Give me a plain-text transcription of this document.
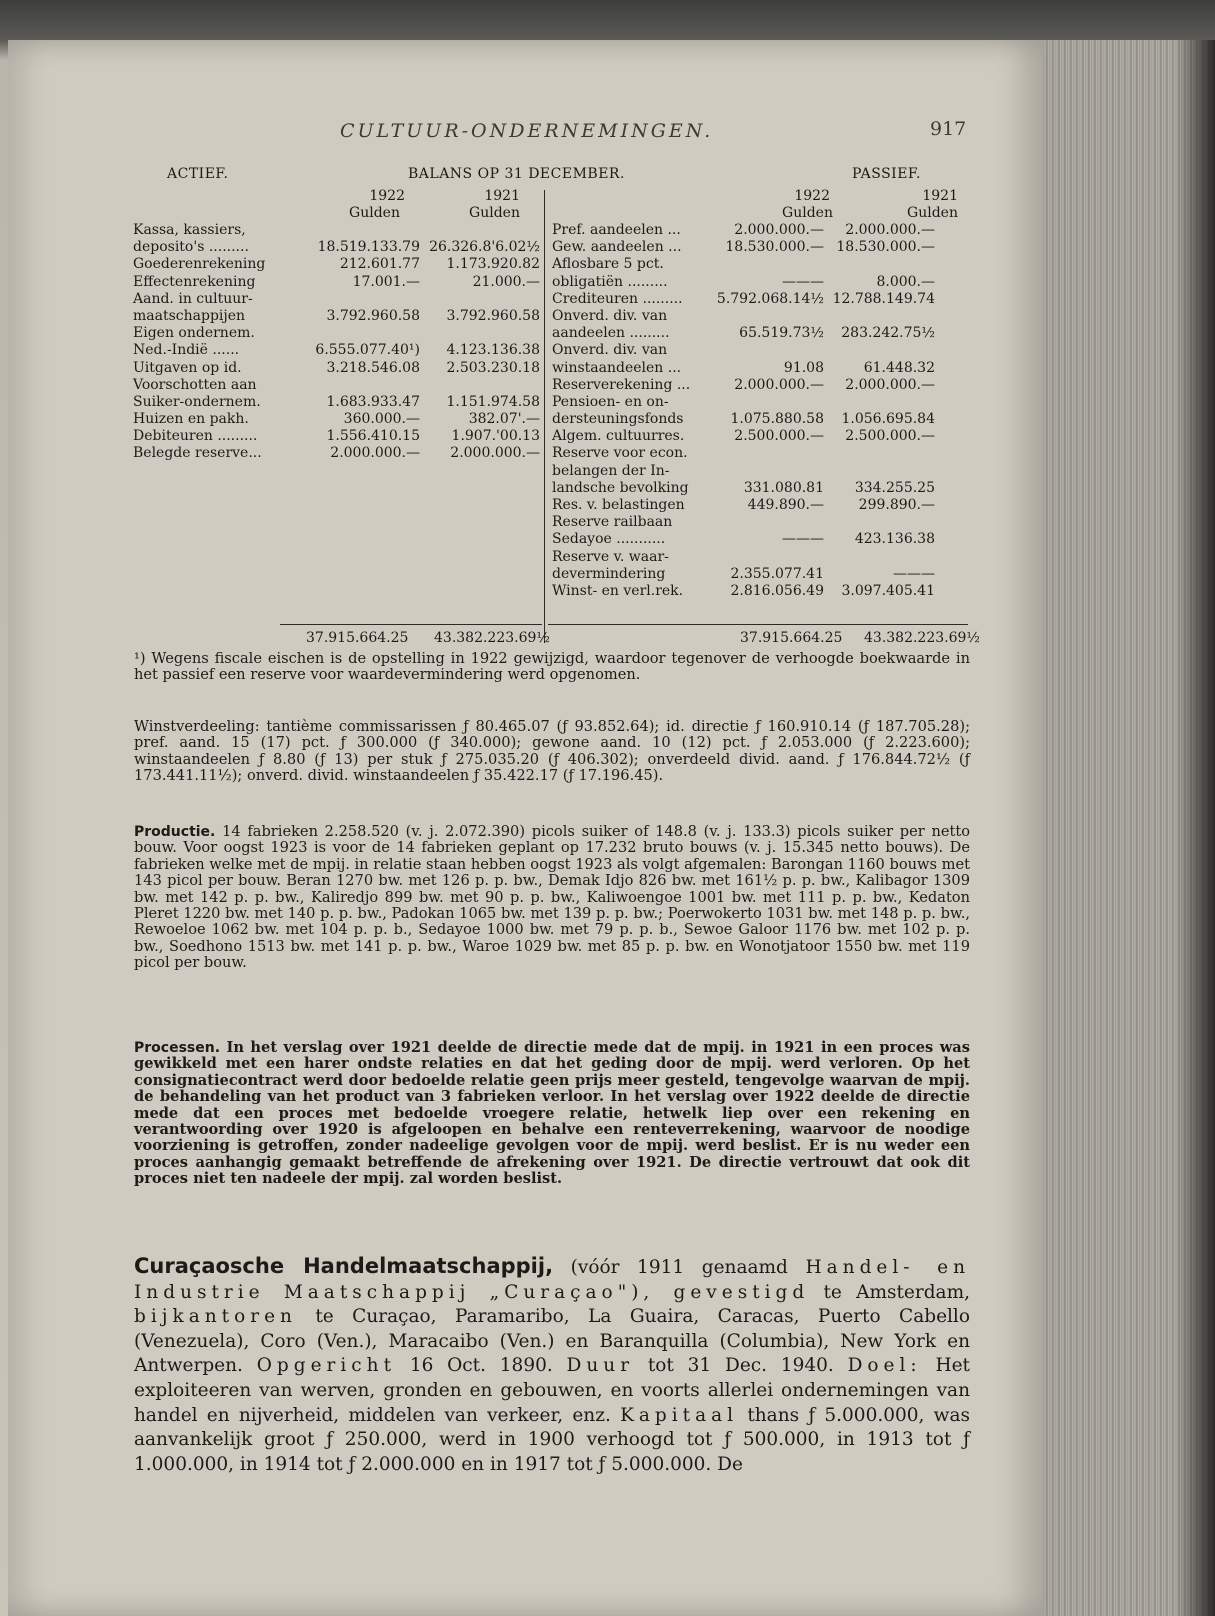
CULTUUR-ONDERNEMINGEN.	917
ACTIEF.	BALANS OP 31 DECEMBER.	PASSIEF.
1922	1921
Gulden	Gulden
1922	1921
Gulden	Gulden
Kassa, kassiers,
deposito's .........	18.519.133.79 26.326.8'6.02½
Goederenrekening	212.601.77	1.173.920.82
Effectenrekening	17.001.—	21.000.—
Aand. in cultuur-
maatschappijen	3.792.960.58	3.792.960.58
Eigen ondernem.
Ned.-Indië ......	6.555.077.40¹)	4.123.136.38
Uitgaven op id.	3.218.546.08	2.503.230.18
Voorschotten aan
Suiker-ondernem.	1.683.933.47	1.151.974.58
Huizen en pakh.	360.000.—	382.07'.—
Debiteuren .........	1.556.410.15	1.907.'00.13
Belegde reserve...	2.000.000.—	2.000.000.—
Pref. aandeelen ...	2.000.000.—	2.000.000.—
Gew. aandeelen ...	18.530.000.— 18.530.000.—
Aflosbare 5 pct.
obligatiën .........	———	8.000.—
Crediteuren .........	5.792.068.14½ 12.788.149.74
Onverd. div. van
aandeelen .........	65.519.73½	283.242.75½
Onverd. div. van
winstaandeelen ...	91.08	61.448.32
Reserverekening ...	2.000.000.—	2.000.000.—
Pensioen- en on-
dersteuningsfonds	1.075.880.58	1.056.695.84
Algem. cultuurres.	2.500.000.—	2.500.000.—
Reserve voor econ.
belangen der In-
landsche bevolking	331.080.81	334.255.25
Res. v. belastingen	449.890.—	299.890.—
Reserve railbaan
Sedayoe ...........	———	423.136.38
Reserve v. waar-
devermindering	2.355.077.41	———
Winst- en verl.rek.	2.816.056.49	3.097.405.41
37.915.664.25 43.382.223.69½	37.915.664.25 43.382.223.69½
¹) Wegens fiscale eischen is de opstelling in 1922 gewijzigd, waardoor tegenover de verhoogde boekwaarde in het passief een reserve voor waardevermindering werd opgenomen.
Winstverdeeling: tantième commissarissen ƒ 80.465.07 (ƒ 93.852.64); id. directie ƒ 160.910.14 (ƒ 187.705.28); pref. aand. 15 (17) pct. ƒ 300.000 (ƒ 340.000); gewone aand. 10 (12) pct. ƒ 2.053.000 (ƒ 2.223.600); winstaandeelen ƒ 8.80 (ƒ 13) per stuk ƒ 275.035.20 (ƒ 406.302); onverdeeld divid. aand. ƒ 176.844.72½ (ƒ 173.441.11½); onverd. divid. winstaandeelen ƒ 35.422.17 (ƒ 17.196.45).
Productie. 14 fabrieken 2.258.520 (v. j. 2.072.390) picols suiker of 148.8 (v. j. 133.3) picols suiker per netto bouw. Voor oogst 1923 is voor de 14 fabrieken geplant op 17.232 bruto bouws (v. j. 15.345 netto bouws). De fabrieken welke met de mpij. in relatie staan hebben oogst 1923 als volgt afgemalen: Barongan 1160 bouws met 143 picol per bouw. Beran 1270 bw. met 126 p. p. bw., Demak Idjo 826 bw. met 161½ p. p. bw., Kalibagor 1309 bw. met 142 p. p. bw., Kaliredjo 899 bw. met 90 p. p. bw., Kaliwoengoe 1001 bw. met 111 p. p. bw., Kedaton Pleret 1220 bw. met 140 p. p. bw., Padokan 1065 bw. met 139 p. p. bw.; Poerwokerto 1031 bw. met 148 p. p. bw., Rewoeloe 1062 bw. met 104 p. p. b., Sedayoe 1000 bw. met 79 p. p. b., Sewoe Galoor 1176 bw. met 102 p. p. bw., Soedhono 1513 bw. met 141 p. p. bw., Waroe 1029 bw. met 85 p. p. bw. en Wonotjatoor 1550 bw. met 119 picol per bouw.
Processen. In het verslag over 1921 deelde de directie mede dat de mpij. in 1921 in een proces was gewikkeld met een harer ondste relaties en dat het geding door de mpij. werd verloren. Op het consignatiecontract werd door bedoelde relatie geen prijs meer gesteld, tengevolge waarvan de mpij. de behandeling van het product van 3 fabrieken verloor. In het verslag over 1922 deelde de directie mede dat een proces met bedoelde vroegere relatie, hetwelk liep over een rekening en verantwoording over 1920 is afgeloopen en behalve een renteverrekening, waarvoor de noodige voorziening is getroffen, zonder nadeelige gevolgen voor de mpij. werd beslist. Er is nu weder een proces aanhangig gemaakt betreffende de afrekening over 1921. De directie vertrouwt dat ook dit proces niet ten nadeele der mpij. zal worden beslist.
Curaçaosche Handelmaatschappij, (vóór 1911 genaamd Handel- en Industrie Maatschappij „Curaçao"), gevestigd te Amsterdam, bijkantoren te Curaçao, Paramaribo, La Guaira, Caracas, Puerto Cabello (Venezuela), Coro (Ven.), Maracaibo (Ven.) en Baranquilla (Columbia), New York en Antwerpen. Opgericht 16 Oct. 1890. Duur tot 31 Dec. 1940. Doel: Het exploiteeren van werven, gronden en gebouwen, en voorts allerlei ondernemingen van handel en nijverheid, middelen van verkeer, enz. Kapitaal thans ƒ 5.000.000, was aanvankelijk groot ƒ 250.000, werd in 1900 verhoogd tot ƒ 500.000, in 1913 tot ƒ 1.000.000, in 1914 tot ƒ 2.000.000 en in 1917 tot ƒ 5.000.000. De
